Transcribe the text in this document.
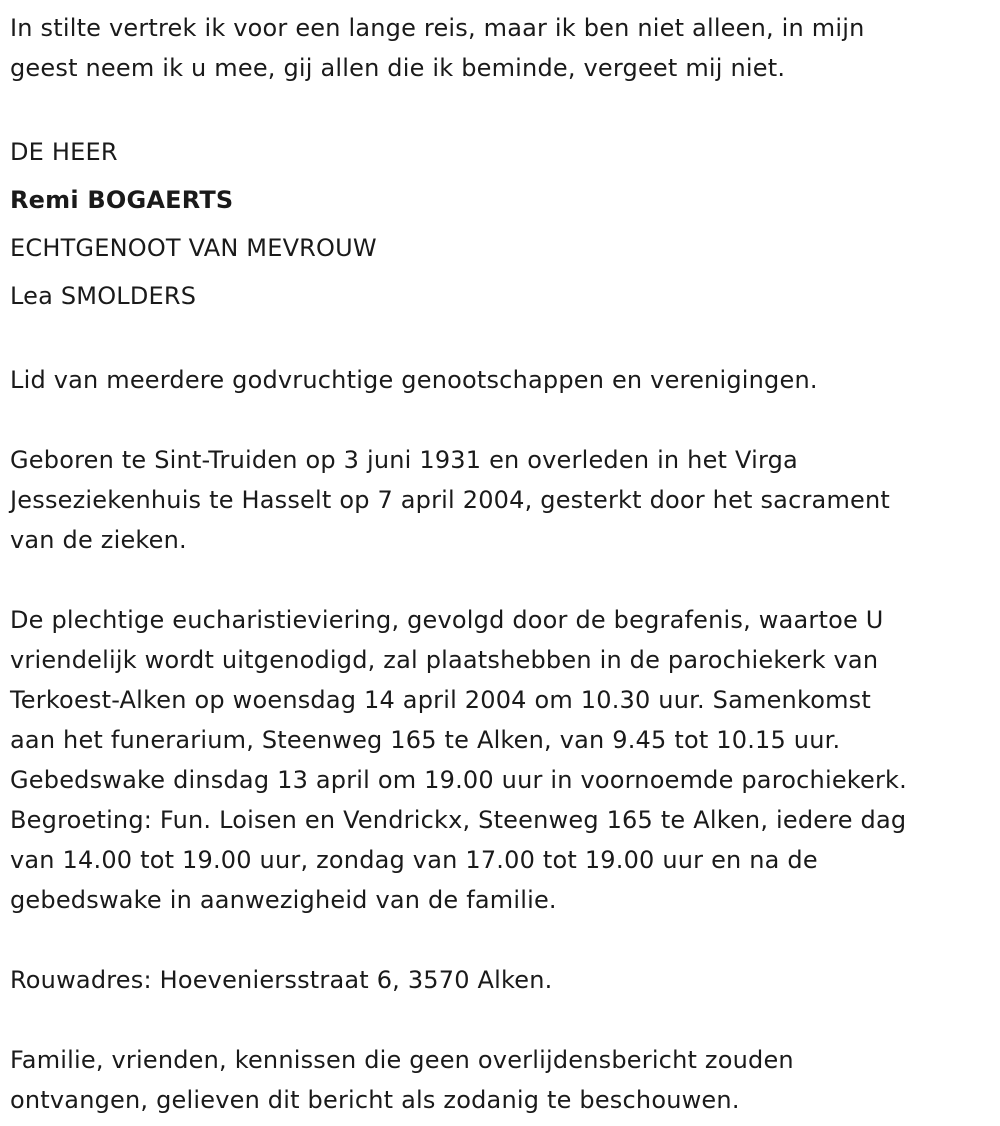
In stilte vertrek ik voor een lange reis, maar ik ben niet alleen, in mijn

geest neem ik u mee, gij allen die ik beminde, vergeet mij niet.

DE HEER

Remi BOGAERTS

ECHTGENOOT VAN MEVROUW

Lea SMOLDERS

Lid van meerdere godvruchtige genootschappen en verenigingen.

Geboren te Sint-Truiden op 3 juni 1931 en overleden in het Virga

Jesseziekenhuis te Hasselt op 7 april 2004, gesterkt door het sacrament

van de zieken.

De plechtige eucharistieviering, gevolgd door de begrafenis, waartoe U

vriendelijk wordt uitgenodigd, zal plaatshebben in de parochiekerk van

Terkoest-Alken op woensdag 14 april 2004 om 10.30 uur. Samenkomst

aan het funerarium, Steenweg 165 te Alken, van 9.45 tot 10.15 uur.

Gebedswake dinsdag 13 april om 19.00 uur in voornoemde parochiekerk.

Begroeting: Fun. Loisen en Vendrickx, Steenweg 165 te Alken, iedere dag

van 14.00 tot 19.00 uur, zondag van 17.00 tot 19.00 uur en na de

gebedswake in aanwezigheid van de familie.

Rouwadres: Hoeveniersstraat 6, 3570 Alken.

Familie, vrienden, kennissen die geen overlijdensbericht zouden

ontvangen, gelieven dit bericht als zodanig te beschouwen.
